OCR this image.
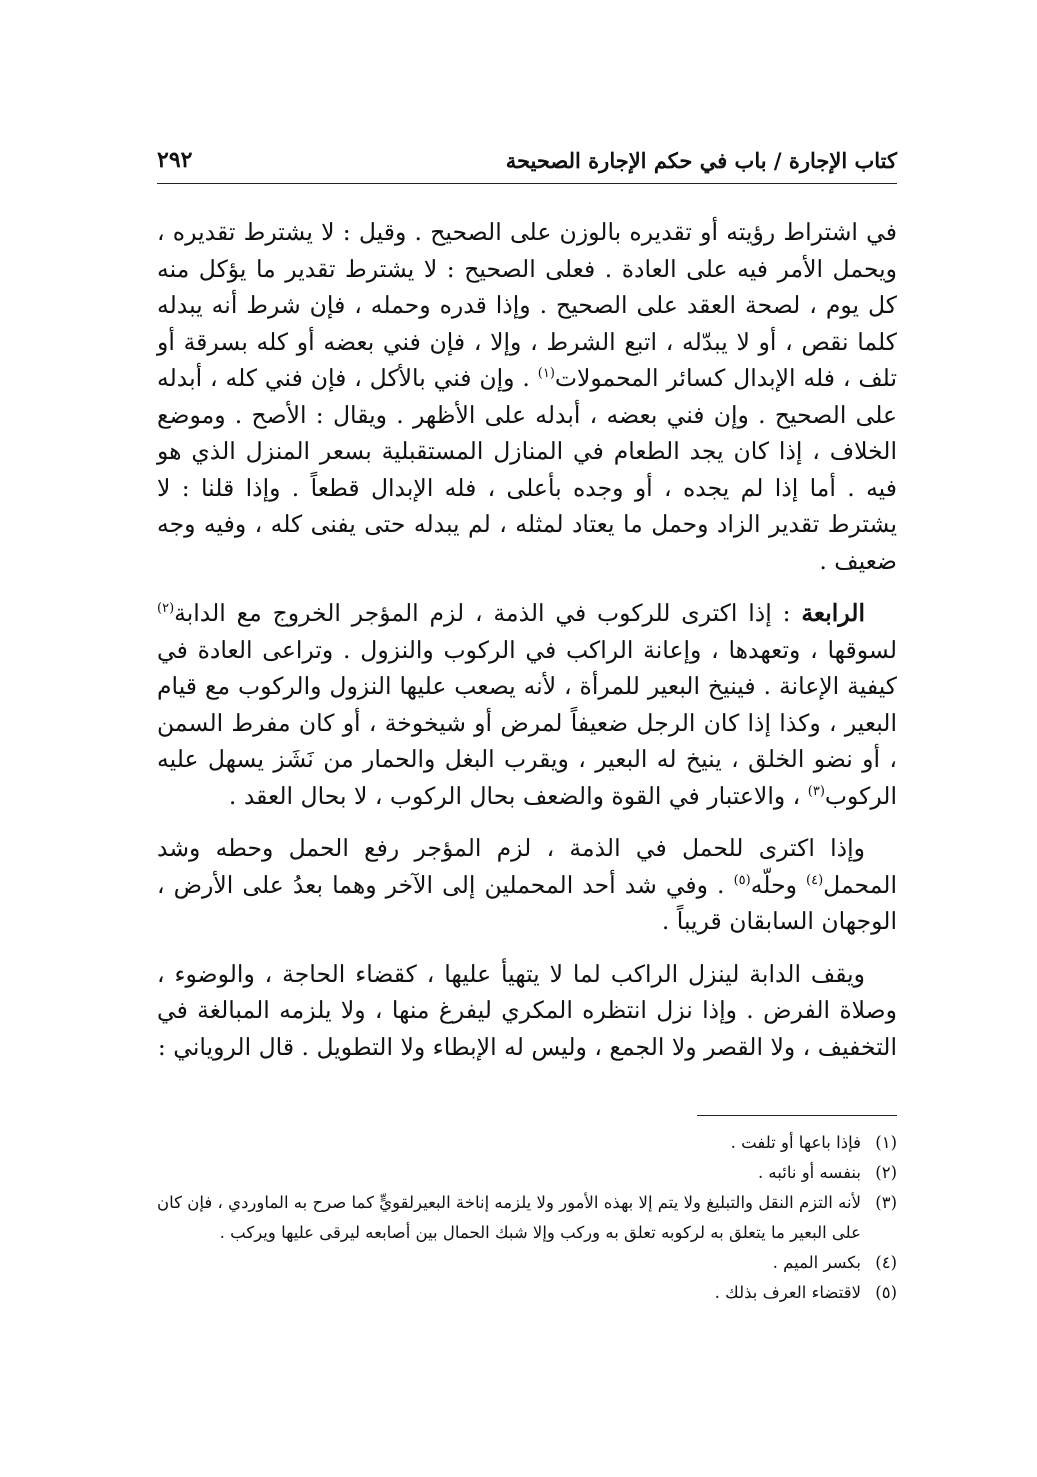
كتاب الإجارة / باب في حكم الإجارة الصحيحة
٢٩٢

في اشتراط رؤيته أو تقديره بالوزن على الصحيح . وقيل : لا يشترط تقديره ، ويحمل الأمر فيه على العادة . فعلى الصحيح : لا يشترط تقدير ما يؤكل منه كل يوم ، لصحة العقد على الصحيح . وإذا قدره وحمله ، فإن شرط أنه يبدله كلما نقص ، أو لا يبدّله ، اتبع الشرط ، وإلا ، فإن فني بعضه أو كله بسرقة أو تلف ، فله الإبدال كسائر المحمولات$^{(١)}$ . وإن فني بالأكل ، فإن فني كله ، أبدله على الصحيح . وإن فني بعضه ، أبدله على الأظهر . ويقال : الأصح . وموضع الخلاف ، إذا كان يجد الطعام في المنازل المستقبلية بسعر المنزل الذي هو فيه . أما إذا لم يجده ، أو وجده بأعلى ، فله الإبدال قطعاً . وإذا قلنا : لا يشترط تقدير الزاد وحمل ما يعتاد لمثله ، لم يبدله حتى يفنى كله ، وفيه وجه ضعيف .

الرابعة : إذا اكترى للركوب في الذمة ، لزم المؤجر الخروج مع الدابة$^{(٢)}$ لسوقها ، وتعهدها ، وإعانة الراكب في الركوب والنزول . وتراعى العادة في كيفية الإعانة . فينيخ البعير للمرأة ، لأنه يصعب عليها النزول والركوب مع قيام البعير ، وكذا إذا كان الرجل ضعيفاً لمرض أو شيخوخة ، أو كان مفرط السمن ، أو نضو الخلق ، ينيخ له البعير ، ويقرب البغل والحمار من نَشَز يسهل عليه الركوب$^{(٣)}$ ، والاعتبار في القوة والضعف بحال الركوب ، لا بحال العقد .

وإذا اكترى للحمل في الذمة ، لزم المؤجر رفع الحمل وحطه وشد المحمل$^{(٤)}$ وحلّه$^{(٥)}$ . وفي شد أحد المحملين إلى الآخر وهما بعدُ على الأرض ، الوجهان السابقان قريباً .

ويقف الدابة لينزل الراكب لما لا يتهيأ عليها ، كقضاء الحاجة ، والوضوء ، وصلاة الفرض . وإذا نزل انتظره المكري ليفرغ منها ، ولا يلزمه المبالغة في التخفيف ، ولا القصر ولا الجمع ، وليس له الإبطاء ولا التطويل . قال الروياني :

(١)
فإذا باعها أو تلفت .
(٢)
بنفسه أو نائبه .
(٣)
لأنه التزم النقل والتبليغ ولا يتم إلا بهذه الأمور ولا يلزمه إناخة البعيرلقويٍّ كما صرح به الماوردي ، فإن كان على البعير ما يتعلق به لركوبه تعلق به وركب وإلا شبك الحمال بين أصابعه ليرقى عليها ويركب .
(٤)
بكسر الميم .
(٥)
لاقتضاء العرف بذلك .
